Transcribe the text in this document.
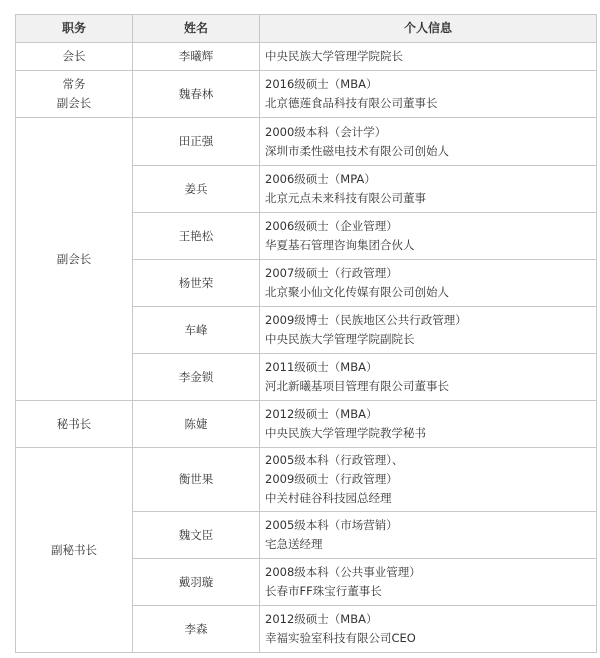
职务	姓名	个人信息
会长	李曦辉	中央民族大学管理学院院长

常务
副会长	魏春林	2016级硕士（MBA）
北京德莲食品科技有限公司董事长

副会长	田正强	2000级本科（会计学）
深圳市柔性磁电技术有限公司创始人

	姜兵	2006级硕士（MPA）
北京元点未来科技有限公司董事

	王艳松	2006级硕士（企业管理）
华夏基石管理咨询集团合伙人

	杨世荣	2007级硕士（行政管理）
北京聚小仙文化传媒有限公司创始人

	车峰	2009级博士（民族地区公共行政管理）
中央民族大学管理学院副院长

	李金锁	2011级硕士（MBA）
河北新曦基项目管理有限公司董事长

秘书长	陈婕	2012级硕士（MBA）
中央民族大学管理学院教学秘书

副秘书长	衡世果	2005级本科（行政管理）、
2009级硕士（行政管理）
中关村硅谷科技园总经理

	魏文臣	2005级本科（市场营销）
宅急送经理

	戴羽璇	2008级本科（公共事业管理）
长春市FF珠宝行董事长

	李森	2012级硕士（MBA）
幸福实验室科技有限公司CEO
